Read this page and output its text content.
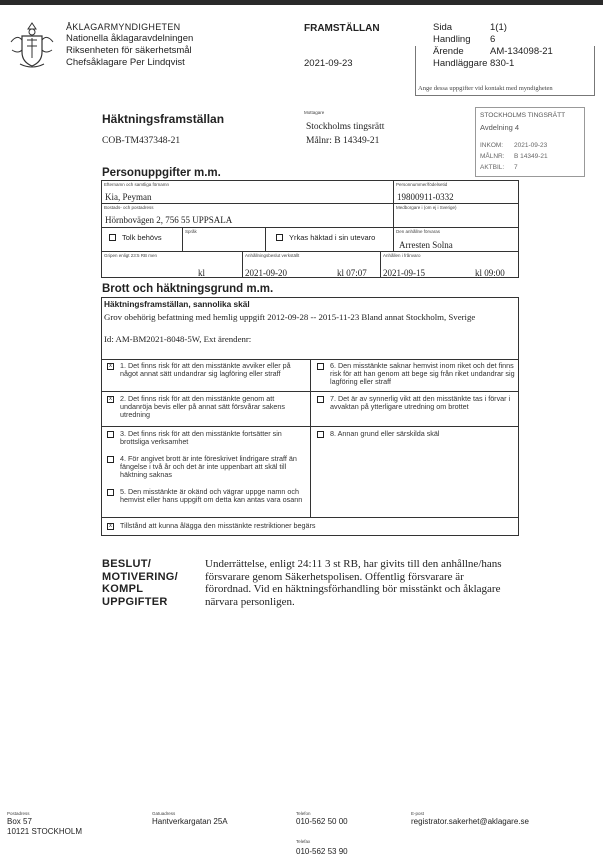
ÅKLAGARMYNDIGHETEN
Nationella åklagaravdelningen
Riksenheten för säkerhetsmål
Chefsåklagare Per Lindqvist
FRAMSTÄLLAN
2021-09-23
Sida	1(1)
Handling 6
Ärende	AM-134098-21
Handläggare 830-1
Ange dessa uppgifter vid kontakt med myndigheten
Häktningsframställan
COB-TM437348-21
Mottagare
Stockholms tingsrätt
Målnr: B 14349-21
STOCKHOLMS TINGSRÄTT
Avdelning 4
INKOM: 2021-09-23
MÅLNR: B 14349-21
AKTBIL: 7
Personuppgifter m.m.
Efternamn och samtliga förnamn
Kia, Peyman
Personnummer/födelsetid
19800911-0332
Bostads- och postadress
Hörnbovägen 2, 756 55 UPPSALA
Medborgare i (om ej i Sverige)
Tolk behövs
Språk
Yrkas häktad i sin utevaro
Den anhållne förvaras
Arresten Solna
Gripen enligt 23:5 RB men
kl
Anhållningsbeslut verkställt
2021-09-20	kl 07:07
Anhållen i frånvaro
2021-09-15	kl 09:00
Brott och häktningsgrund m.m.
Häktningsframställan, sannolika skäl
Grov obehörig befattning med hemlig uppgift 2012-09-28 -- 2015-11-23 Bland annat Stockholm, Sverige
Id: AM-BM2021-8048-5W, Ext ärendenr:
x	1. Det finns risk för att den misstänkte avviker eller på något annat sätt undandrar sig lagföring eller straff
6. Den misstänkte saknar hemvist inom riket och det finns risk för att han genom att bege sig från riket undandrar sig lagföring eller straff
x	2. Det finns risk för att den misstänkte genom att undanröja bevis eller på annat sätt försvårar sakens utredning
7. Det är av synnerlig vikt att den misstänkte tas i förvar i avvaktan på ytterligare utredning om brottet
3. Det finns risk för att den misstänkte fortsätter sin brottsliga verksamhet
8. Annan grund eller särskilda skäl
4. För angivet brott är inte föreskrivet lindrigare straff än fängelse i två år och det är inte uppenbart att skäl till häktning saknas
5. Den misstänkte är okänd och vägrar uppge namn och hemvist eller hans uppgift om detta kan antas vara osann
x	Tillstånd att kunna ålägga den misstänkte restriktioner begärs
BESLUT/
MOTIVERING/
KOMPL
UPPGIFTER
Underrättelse, enligt 24:11 3 st RB, har givits till den anhållne/hans försvarare genom Säkerhetspolisen. Offentlig försvarare är förordnad. Vid en häktningsförhandling bör misstänkt och åklagare närvara personligen.
Postadress
Box 57
10121 STOCKHOLM
Gatuadress
Hantverkargatan 25A
Telefon
010-562 50 00
Telefax
010-562 53 90
E-post
registrator.sakerhet@aklagare.se
